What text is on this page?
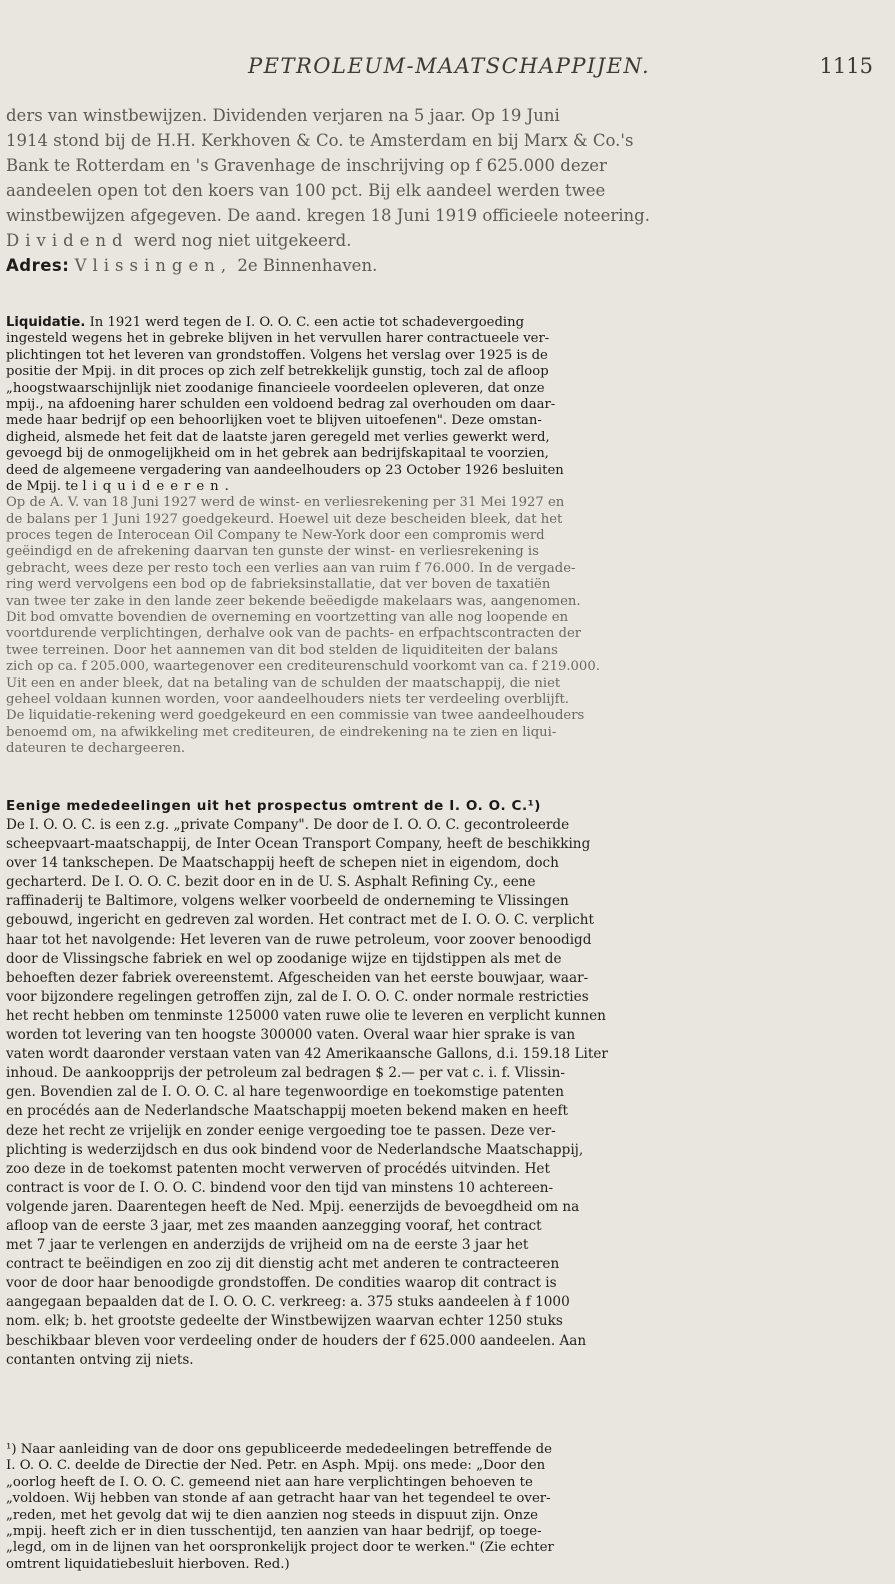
PETROLEUM-MAATSCHAPPIJEN.	1115
ders van winstbewijzen. Dividenden verjaren na 5 jaar. Op 19 Juni
1914 stond bij de H.H. Kerkhoven & Co. te Amsterdam en bij Marx & Co.'s
Bank te Rotterdam en 's Gravenhage de inschrijving op f 625.000 dezer
aandeelen open tot den koers van 100 pct. Bij elk aandeel werden twee
winstbewijzen afgegeven. De aand. kregen 18 Juni 1919 officieele noteering.
Dividend werd nog niet uitgekeerd.
Adres: Vlissingen, 2e Binnenhaven.
Liquidatie. In 1921 werd tegen de I. O. O. C. een actie tot schadevergoeding
ingesteld wegens het in gebreke blijven in het vervullen harer contractueele ver-
plichtingen tot het leveren van grondstoffen. Volgens het verslag over 1925 is de
positie der Mpij. in dit proces op zich zelf betrekkelijk gunstig, toch zal de afloop
„hoogstwaarschijnlijk niet zoodanige financieele voordeelen opleveren, dat onze
mpij., na afdoening harer schulden een voldoend bedrag zal overhouden om daar-
mede haar bedrijf op een behoorlijken voet te blijven uitoefenen". Deze omstan-
digheid, alsmede het feit dat de laatste jaren geregeld met verlies gewerkt werd,
gevoegd bij de onmogelijkheid om in het gebrek aan bedrijfskapitaal te voorzien,
deed de algemeene vergadering van aandeelhouders op 23 October 1926 besluiten
de Mpij. te liquideeren.
Op de A. V. van 18 Juni 1927 werd de winst- en verliesrekening per 31 Mei 1927 en
de balans per 1 Juni 1927 goedgekeurd. Hoewel uit deze bescheiden bleek, dat het
proces tegen de Interocean Oil Company te New-York door een compromis werd
geëindigd en de afrekening daarvan ten gunste der winst- en verliesrekening is
gebracht, wees deze per resto toch een verlies aan van ruim f 76.000. In de vergade-
ring werd vervolgens een bod op de fabrieksinstallatie, dat ver boven de taxatiën
van twee ter zake in den lande zeer bekende beëedigde makelaars was, aangenomen.
Dit bod omvatte bovendien de overneming en voortzetting van alle nog loopende en
voortdurende verplichtingen, derhalve ook van de pachts- en erfpachtscontracten der
twee terreinen. Door het aannemen van dit bod stelden de liquiditeiten der balans
zich op ca. f 205.000, waartegenover een crediteurenschuld voorkomt van ca. f 219.000.
Uit een en ander bleek, dat na betaling van de schulden der maatschappij, die niet
geheel voldaan kunnen worden, voor aandeelhouders niets ter verdeeling overblijft.
De liquidatie-rekening werd goedgekeurd en een commissie van twee aandeelhouders
benoemd om, na afwikkeling met crediteuren, de eindrekening na te zien en liqui-
dateuren te dechargeeren.
Eenige mededeelingen uit het prospectus omtrent de I. O. O. C.¹)
De I. O. O. C. is een z.g. „private Company". De door de I. O. O. C. gecontroleerde
scheepvaart-maatschappij, de Inter Ocean Transport Company, heeft de beschikking
over 14 tankschepen. De Maatschappij heeft de schepen niet in eigendom, doch
gecharterd. De I. O. O. C. bezit door en in de U. S. Asphalt Refining Cy., eene
raffinaderij te Baltimore, volgens welker voorbeeld de onderneming te Vlissingen
gebouwd, ingericht en gedreven zal worden. Het contract met de I. O. O. C. verplicht
haar tot het navolgende: Het leveren van de ruwe petroleum, voor zoover benoodigd
door de Vlissingsche fabriek en wel op zoodanige wijze en tijdstippen als met de
behoeften dezer fabriek overeenstemt. Afgescheiden van het eerste bouwjaar, waar-
voor bijzondere regelingen getroffen zijn, zal de I. O. O. C. onder normale restricties
het recht hebben om tenminste 125000 vaten ruwe olie te leveren en verplicht kunnen
worden tot levering van ten hoogste 300000 vaten. Overal waar hier sprake is van
vaten wordt daaronder verstaan vaten van 42 Amerikaansche Gallons, d.i. 159.18 Liter
inhoud. De aankoopprijs der petroleum zal bedragen $ 2.— per vat c. i. f. Vlissin-
gen. Bovendien zal de I. O. O. C. al hare tegenwoordige en toekomstige patenten
en procédés aan de Nederlandsche Maatschappij moeten bekend maken en heeft
deze het recht ze vrijelijk en zonder eenige vergoeding toe te passen. Deze ver-
plichting is wederzijdsch en dus ook bindend voor de Nederlandsche Maatschappij,
zoo deze in de toekomst patenten mocht verwerven of procédés uitvinden. Het
contract is voor de I. O. O. C. bindend voor den tijd van minstens 10 achtereen-
volgende jaren. Daarentegen heeft de Ned. Mpij. eenerzijds de bevoegdheid om na
afloop van de eerste 3 jaar, met zes maanden aanzegging vooraf, het contract
met 7 jaar te verlengen en anderzijds de vrijheid om na de eerste 3 jaar het
contract te beëindigen en zoo zij dit dienstig acht met anderen te contracteeren
voor de door haar benoodigde grondstoffen. De condities waarop dit contract is
aangegaan bepaalden dat de I. O. O. C. verkreeg: a. 375 stuks aandeelen à f 1000
nom. elk; b. het grootste gedeelte der Winstbewijzen waarvan echter 1250 stuks
beschikbaar bleven voor verdeeling onder de houders der f 625.000 aandeelen. Aan
contanten ontving zij niets.
¹) Naar aanleiding van de door ons gepubliceerde mededeelingen betreffende de
I. O. O. C. deelde de Directie der Ned. Petr. en Asph. Mpij. ons mede: „Door den
„oorlog heeft de I. O. O. C. gemeend niet aan hare verplichtingen behoeven te
„voldoen. Wij hebben van stonde af aan getracht haar van het tegendeel te over-
„reden, met het gevolg dat wij te dien aanzien nog steeds in dispuut zijn. Onze
„mpij. heeft zich er in dien tusschentijd, ten aanzien van haar bedrijf, op toege-
„legd, om in de lijnen van het oorspronkelijk project door te werken." (Zie echter
omtrent liquidatiebesluit hierboven. Red.)
